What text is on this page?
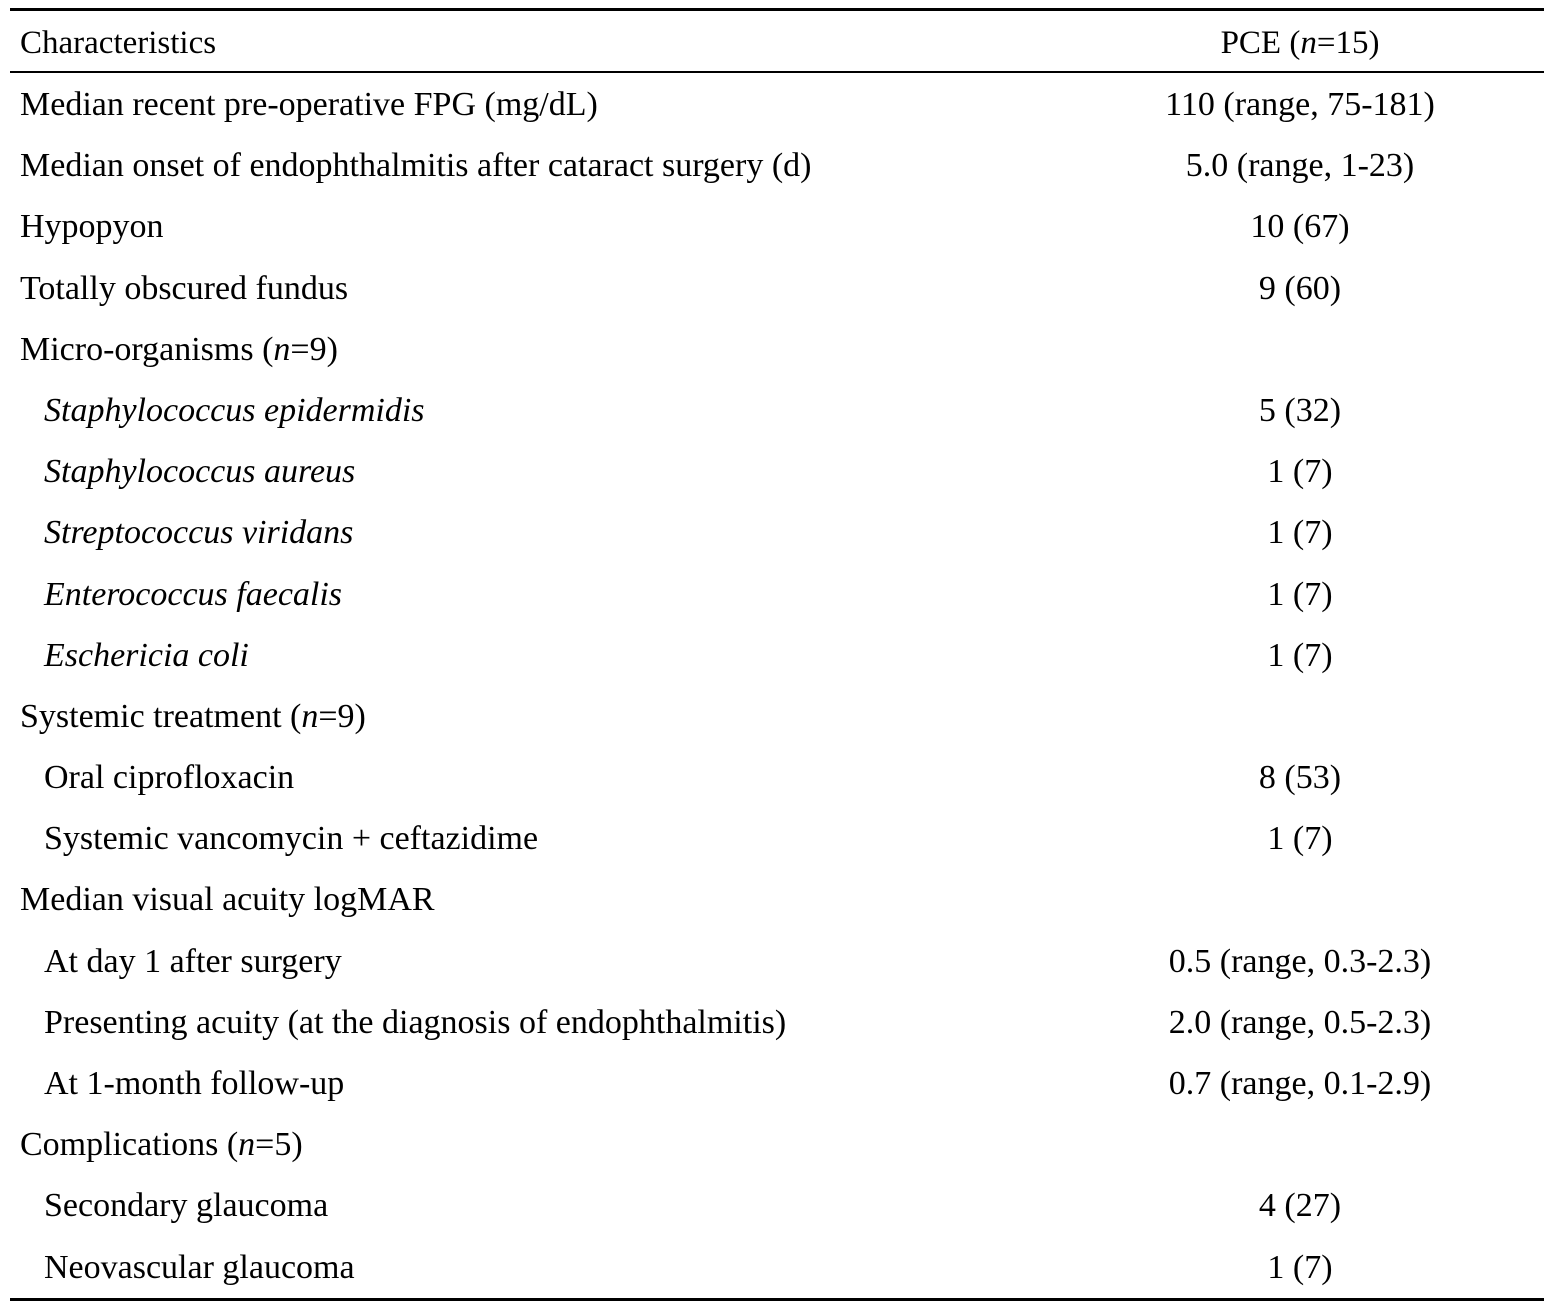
Characteristics	PCE (n=15)
Median recent pre-operative FPG (mg/dL)	110 (range, 75-181)
Median onset of endophthalmitis after cataract surgery (d)	5.0 (range, 1-23)
Hypopyon	10 (67)
Totally obscured fundus	9 (60)
Micro-organisms (n=9)
Staphylococcus epidermidis	5 (32)
Staphylococcus aureus	1 (7)
Streptococcus viridans	1 (7)
Enterococcus faecalis	1 (7)
Eschericia coli	1 (7)
Systemic treatment (n=9)
Oral ciprofloxacin	8 (53)
Systemic vancomycin + ceftazidime	1 (7)
Median visual acuity logMAR
At day 1 after surgery	0.5 (range, 0.3-2.3)
Presenting acuity (at the diagnosis of endophthalmitis)	2.0 (range, 0.5-2.3)
At 1-month follow-up	0.7 (range, 0.1-2.9)
Complications (n=5)
Secondary glaucoma	4 (27)
Neovascular glaucoma	1 (7)
